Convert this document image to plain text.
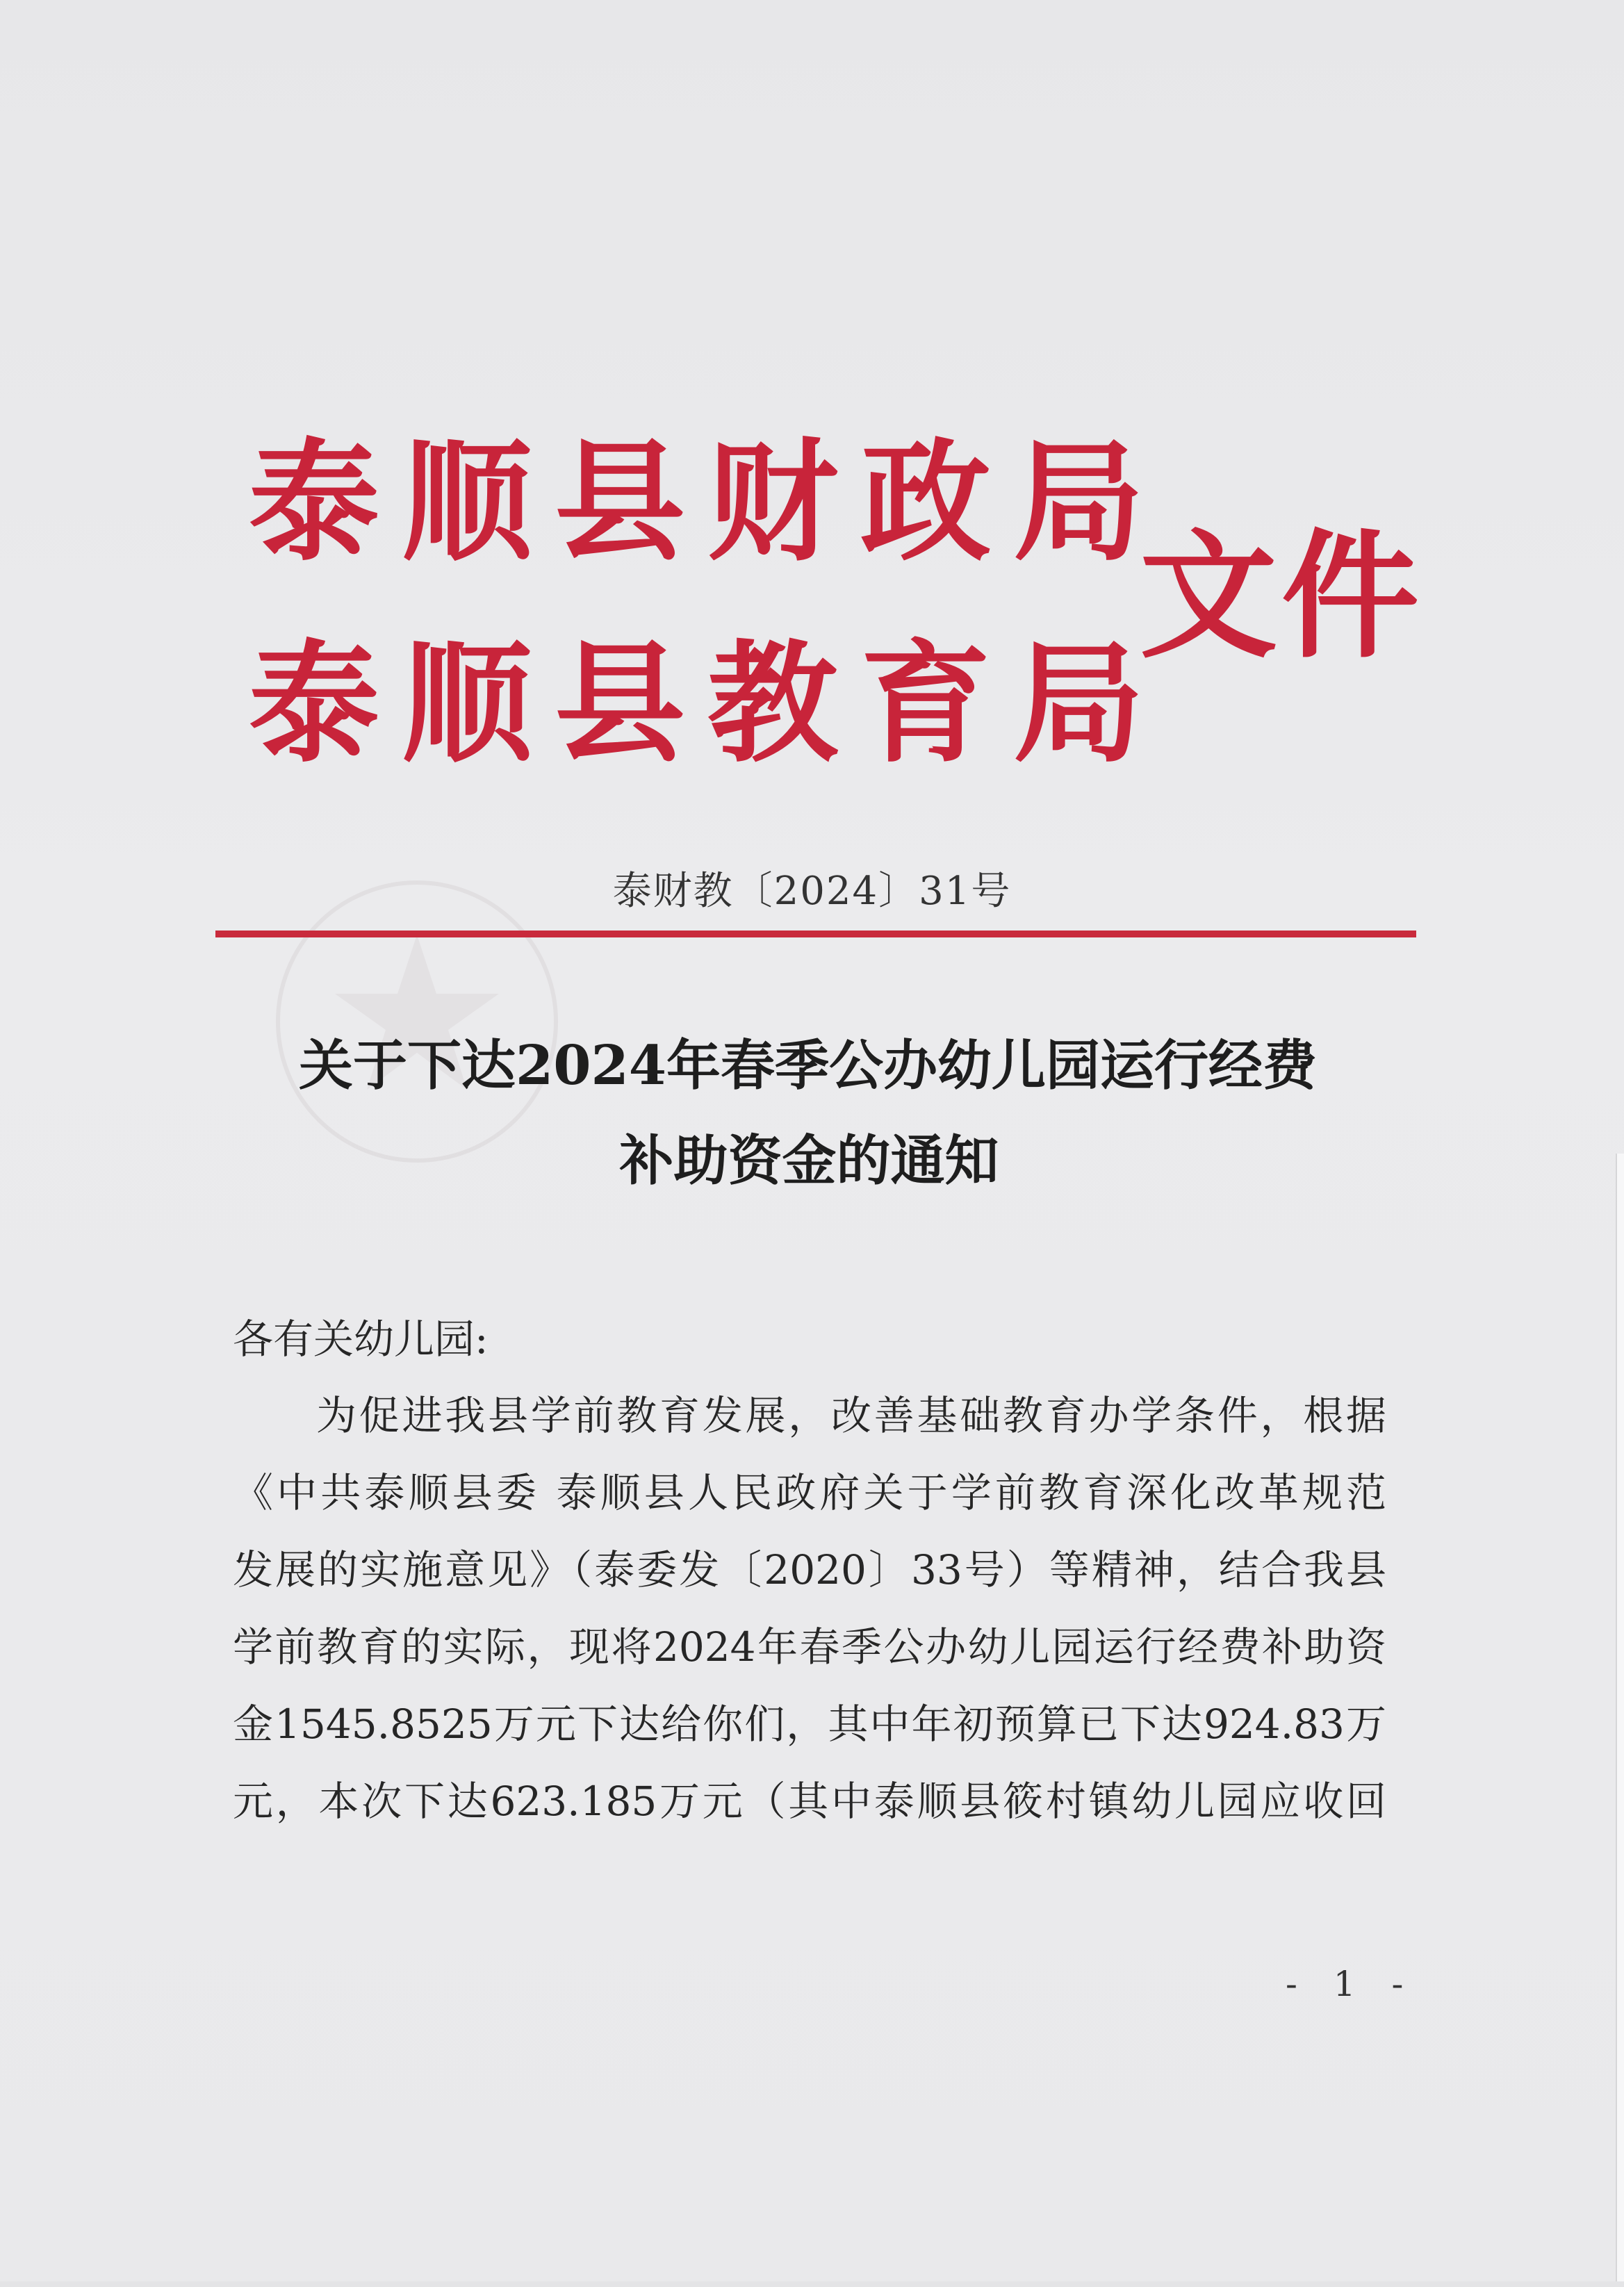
泰顺县财政局
泰顺县教育局
文件
泰财教〔2024〕31号
关于下达2024年春季公办幼儿园运行经费
补助资金的通知
各有关幼儿园:
为促进我县学前教育发展，改善基础教育办学条件，根据
《中共泰顺县委 泰顺县人民政府关于学前教育深化改革规范
发展的实施意见》（泰委发〔2020〕33号）等精神，结合我县
学前教育的实际，现将2024年春季公办幼儿园运行经费补助资
金1545.8525万元下达给你们，其中年初预算已下达924.83万
元，本次下达623.185万元（其中泰顺县筱村镇幼儿园应收回
- 1 -
